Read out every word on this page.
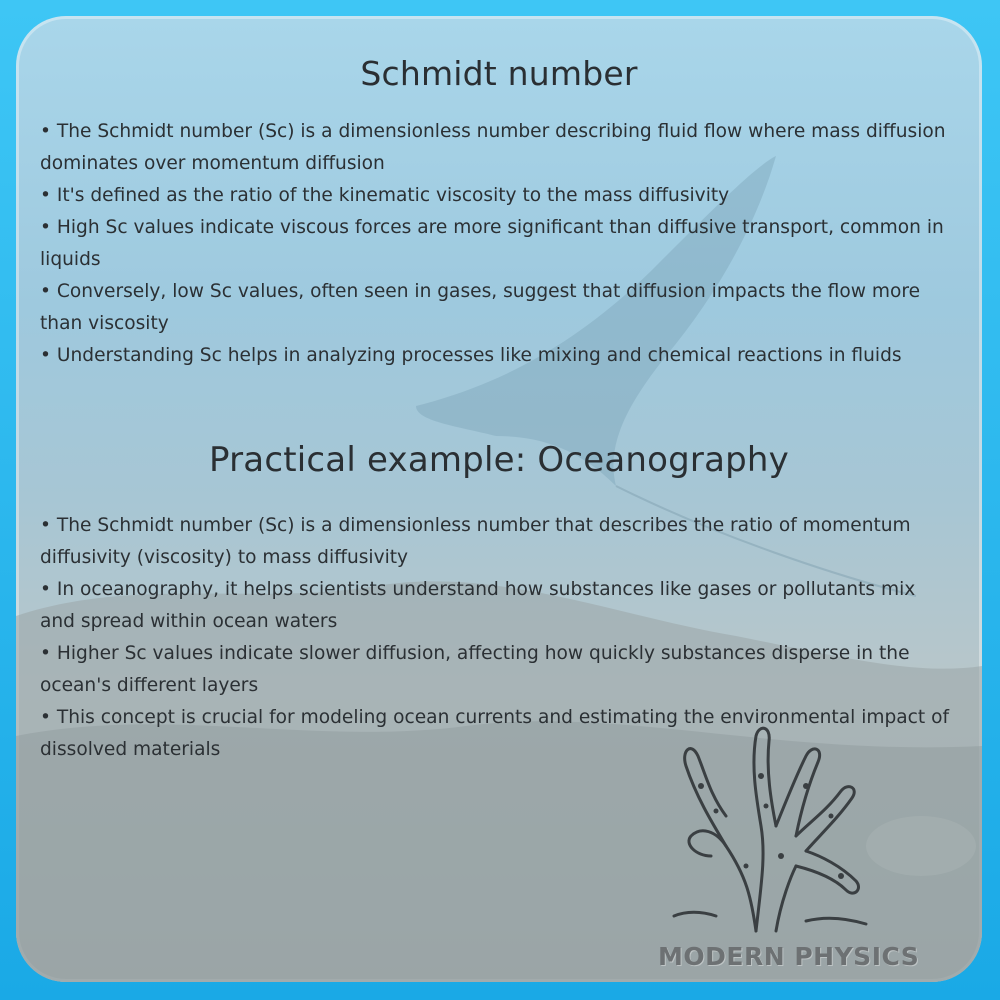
Schmidt number
• The Schmidt number (Sc) is a dimensionless number describing fluid flow where mass diffusion dominates over momentum diffusion
• It's defined as the ratio of the kinematic viscosity to the mass diffusivity
• High Sc values indicate viscous forces are more significant than diffusive transport, common in liquids
• Conversely, low Sc values, often seen in gases, suggest that diffusion impacts the flow more than viscosity
• Understanding Sc helps in analyzing processes like mixing and chemical reactions in fluids
Practical example: Oceanography
• The Schmidt number (Sc) is a dimensionless number that describes the ratio of momentum diffusivity (viscosity) to mass diffusivity
• In oceanography, it helps scientists understand how substances like gases or pollutants mix and spread within ocean waters
• Higher Sc values indicate slower diffusion, affecting how quickly substances disperse in the ocean's different layers
• This concept is crucial for modeling ocean currents and estimating the environmental impact of dissolved materials
MODERN PHYSICS
